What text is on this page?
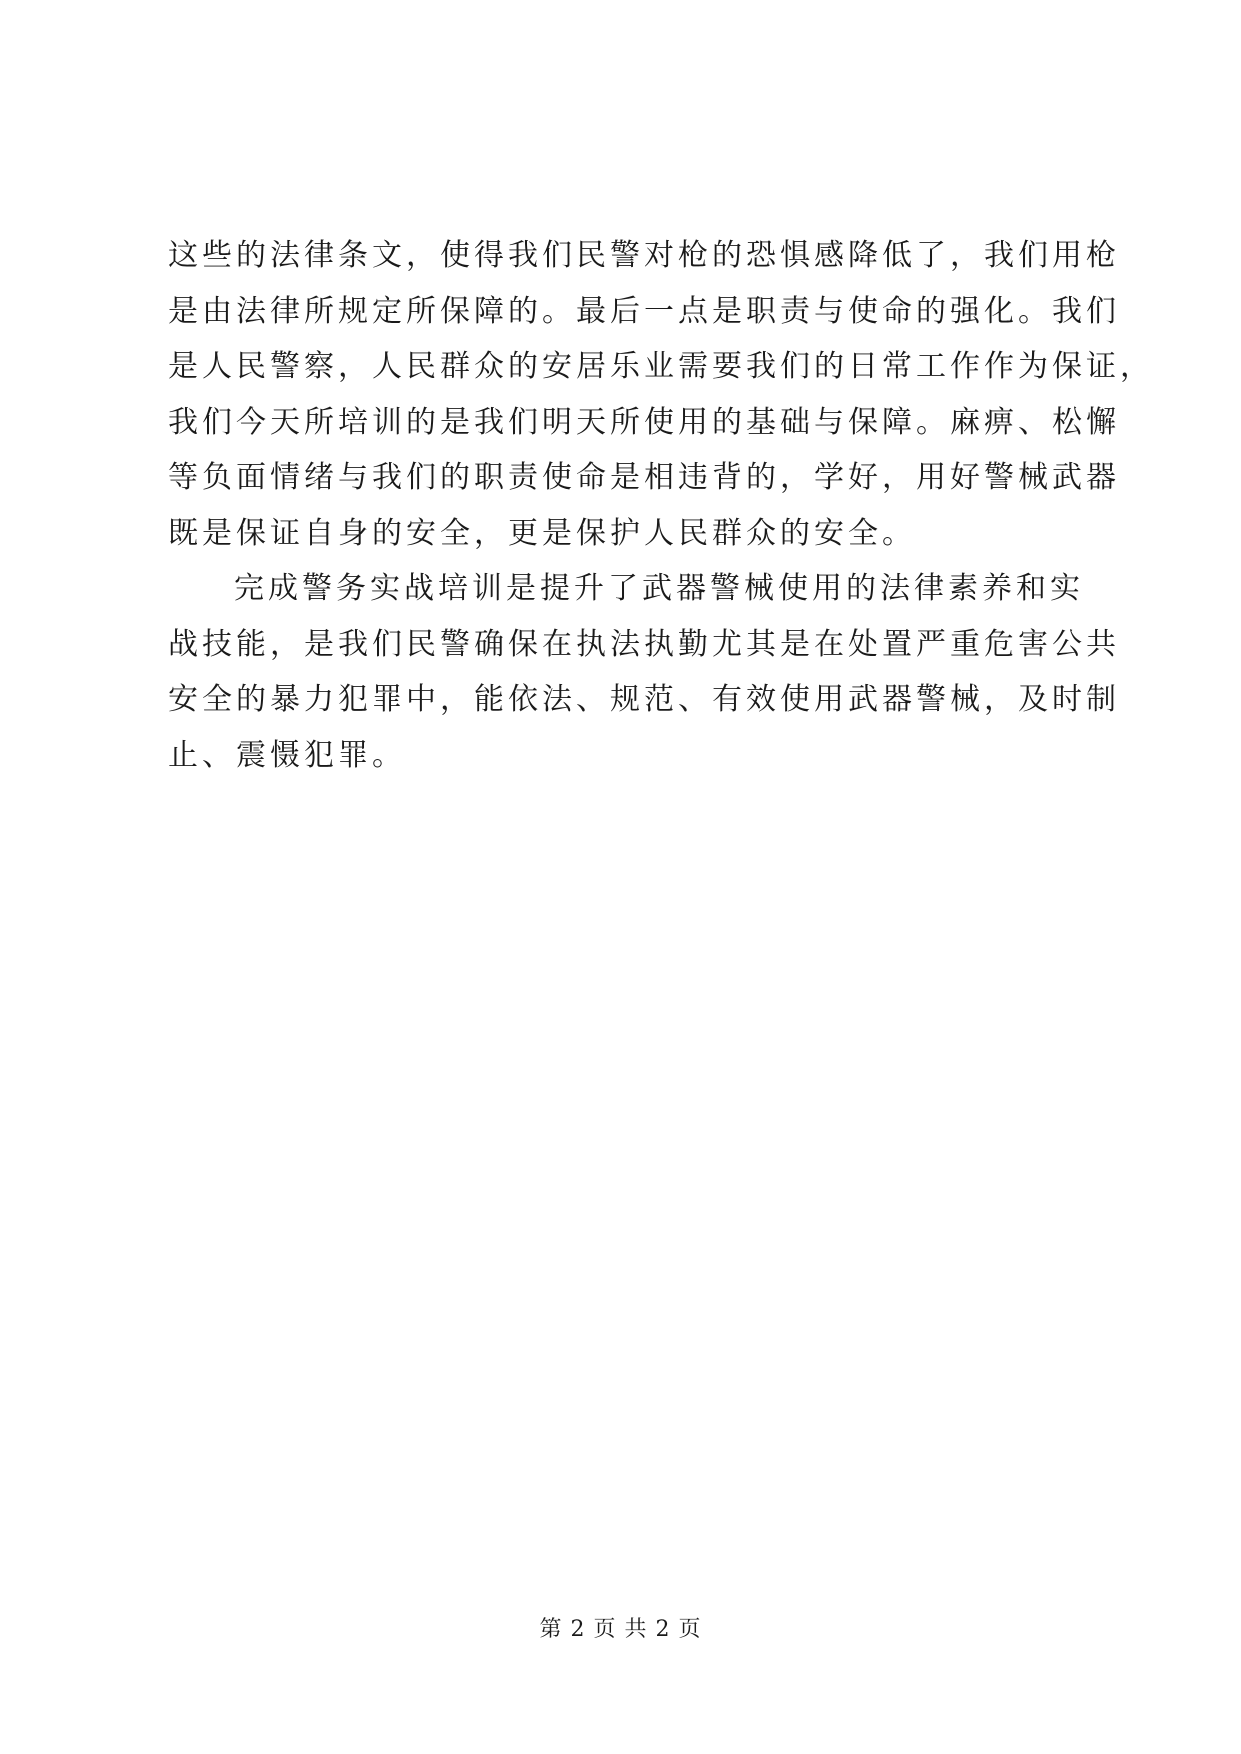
这些的法律条文，使得我们民警对枪的恐惧感降低了，我们用枪
是由法律所规定所保障的。最后一点是职责与使命的强化。我们
是人民警察，人民群众的安居乐业需要我们的日常工作作为保证，
我们今天所培训的是我们明天所使用的基础与保障。麻痹、松懈
等负面情绪与我们的职责使命是相违背的，学好，用好警械武器
既是保证自身的安全，更是保护人民群众的安全。
完成警务实战培训是提升了武器警械使用的法律素养和实
战技能，是我们民警确保在执法执勤尤其是在处置严重危害公共
安全的暴力犯罪中，能依法、规范、有效使用武器警械，及时制
止、震慑犯罪。
第 2 页 共 2 页
